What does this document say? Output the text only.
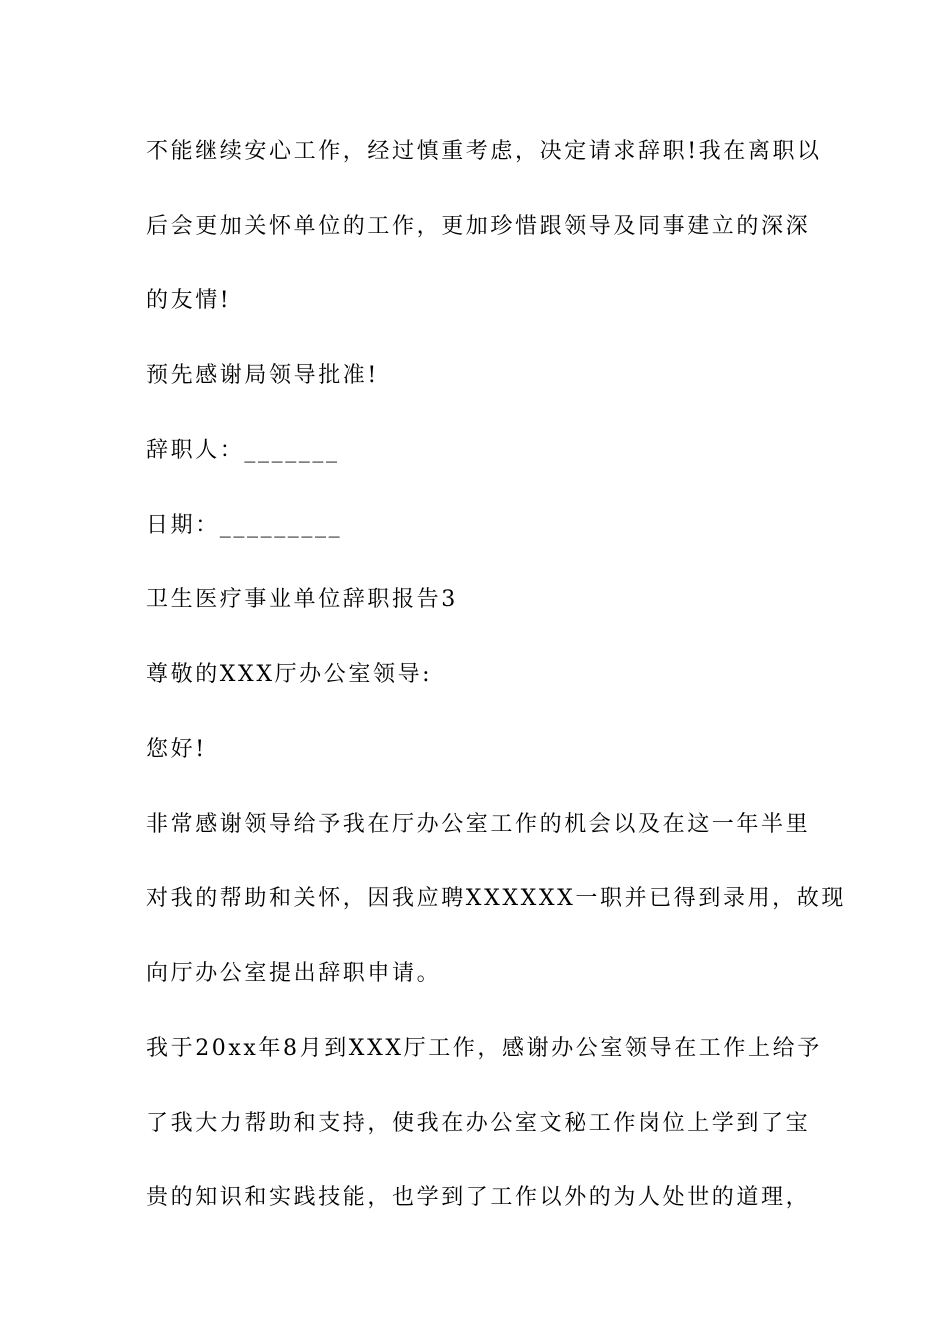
不能继续安心工作，经过慎重考虑，决定请求辞职!我在离职以
后会更加关怀单位的工作，更加珍惜跟领导及同事建立的深深
的友情!
预先感谢局领导批准!
辞职人：_______
日期：_________
卫生医疗事业单位辞职报告3
尊敬的XXX厅办公室领导:
您好!
非常感谢领导给予我在厅办公室工作的机会以及在这一年半里
对我的帮助和关怀，因我应聘XXXXXX一职并已得到录用，故现
向厅办公室提出辞职申请。
我于20xx年8月到XXX厅工作，感谢办公室领导在工作上给予
了我大力帮助和支持，使我在办公室文秘工作岗位上学到了宝
贵的知识和实践技能，也学到了工作以外的为人处世的道理，
